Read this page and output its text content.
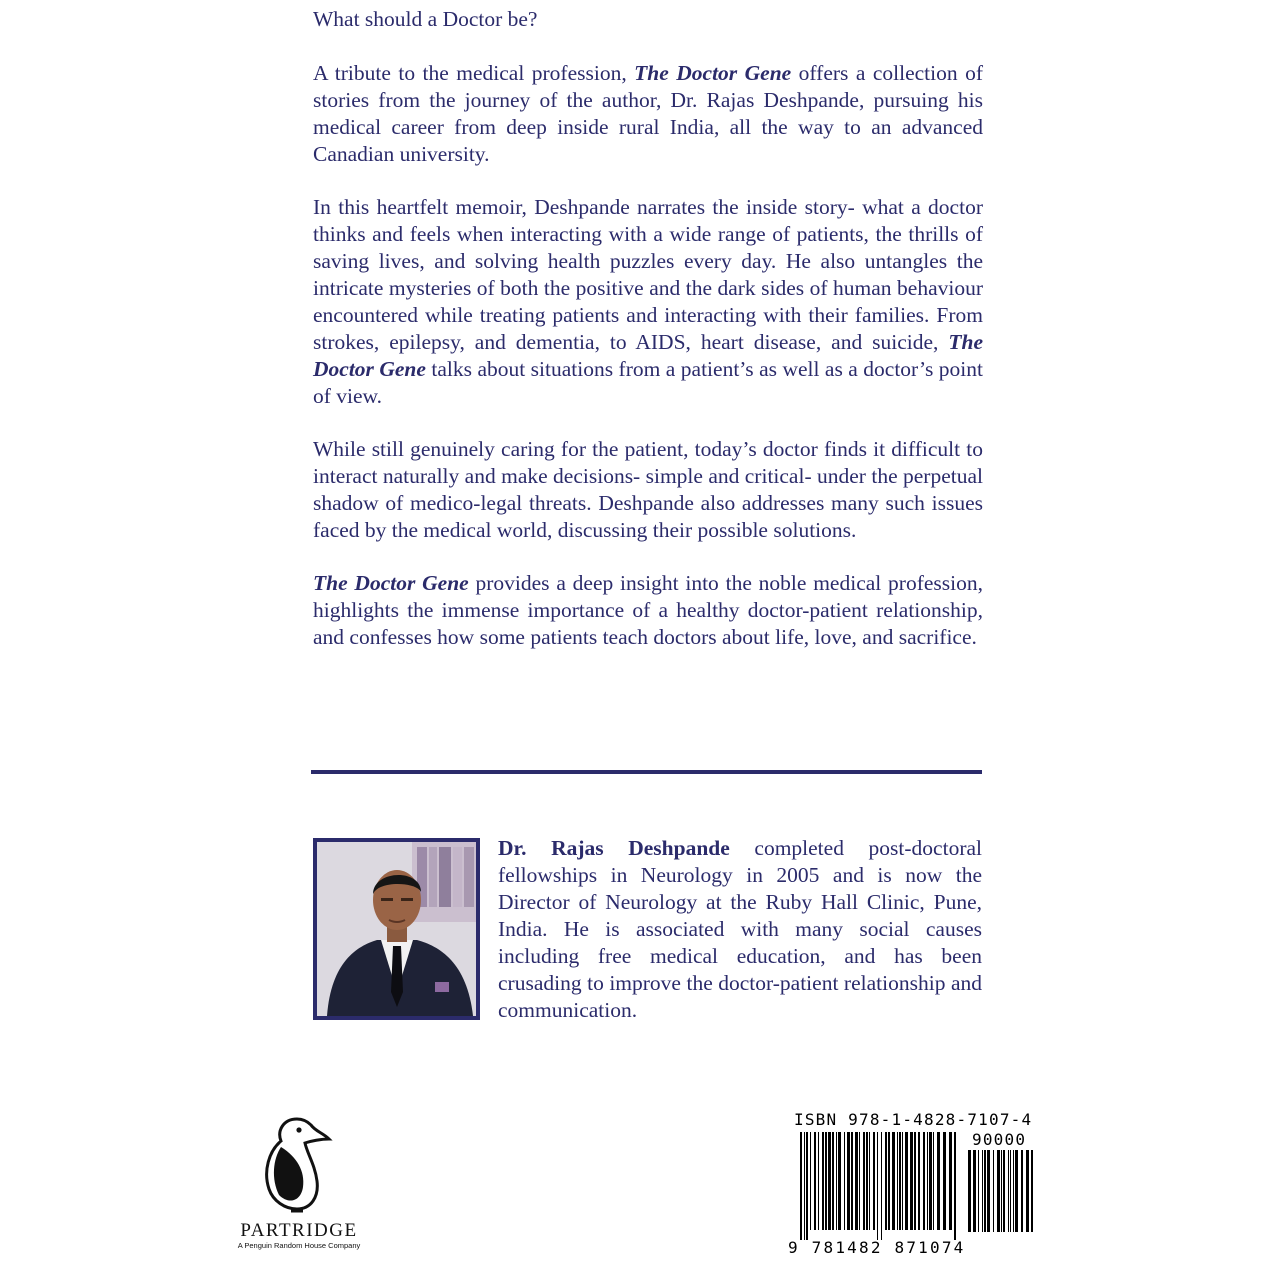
What should a Doctor be?

A tribute to the medical profession, The Doctor Gene offers a collection of stories from the journey of the author, Dr. Rajas Deshpande, pursuing his medical career from deep inside rural India, all the way to an advanced Canadian university.

In this heartfelt memoir, Deshpande narrates the inside story- what a doctor thinks and feels when interacting with a wide range of patients, the thrills of saving lives, and solving health puzzles every day. He also untangles the intricate mysteries of both the positive and the dark sides of human behaviour encountered while treating patients and interacting with their families. From strokes, epilepsy, and dementia, to AIDS, heart disease, and suicide, The Doctor Gene talks about situations from a patient’s as well as a doctor’s point of view.

While still genuinely caring for the patient, today’s doctor finds it difficult to interact naturally and make decisions- simple and critical- under the perpetual shadow of medico-legal threats. Deshpande also addresses many such issues faced by the medical world, discussing their possible solutions.

The Doctor Gene provides a deep insight into the noble medical profession, highlights the immense importance of a healthy doctor-patient relationship, and confesses how some patients teach doctors about life, love, and sacrifice.

Dr. Rajas Deshpande completed post-doctoral fellowships in Neurology in 2005 and is now the Director of Neurology at the Ruby Hall Clinic, Pune, India. He is associated with many social causes including free medical education, and has been crusading to improve the doctor-patient relationship and communication.
PARTRIDGE
A Penguin Random House Company
ISBN 978-1-4828-7107-4
90000
9 781482 871074
